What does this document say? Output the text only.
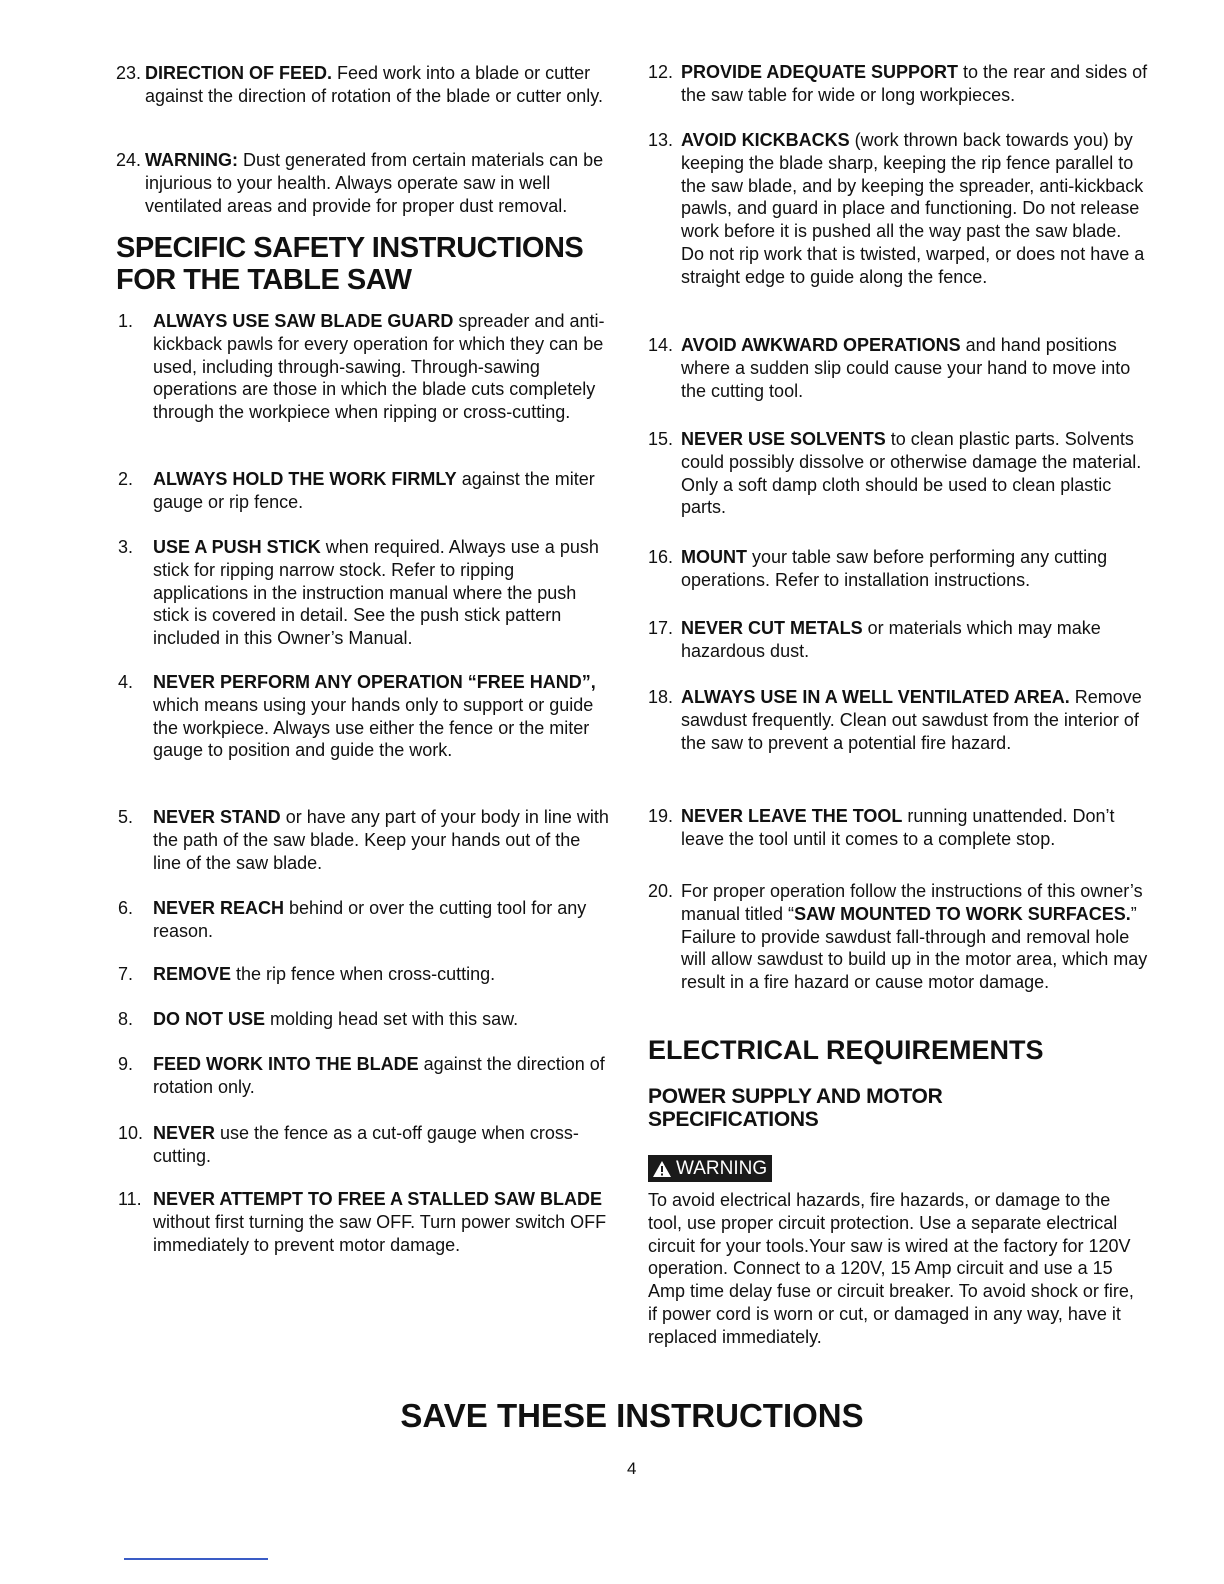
23. DIRECTION OF FEED. Feed work into a blade or cutter against the direction of rotation of the blade or cutter only.

24. WARNING: Dust generated from certain materials can be injurious to your health. Always operate saw in well ventilated areas and provide for proper dust removal.

SPECIFIC SAFETY INSTRUCTIONS
FOR THE TABLE SAW

1.	ALWAYS USE SAW BLADE GUARD spreader and anti-kickback pawls for every operation for which they can be used, including through-sawing. Through-sawing operations are those in which the blade cuts completely through the workpiece when ripping or cross-cutting.

2.	ALWAYS HOLD THE WORK FIRMLY against the miter gauge or rip fence.

3.	USE A PUSH STICK when required. Always use a push stick for ripping narrow stock. Refer to ripping applications in the instruction manual where the push stick is covered in detail. See the push stick pattern included in this Owner’s Manual.

4.	NEVER PERFORM ANY OPERATION “FREE HAND”, which means using your hands only to support or guide the workpiece. Always use either the fence or the miter gauge to position and guide the work.

5.	NEVER STAND or have any part of your body in line with the path of the saw blade. Keep your hands out of the line of the saw blade.

6.	NEVER REACH behind or over the cutting tool for any reason.

7.	REMOVE the rip fence when cross-cutting.

8.	DO NOT USE molding head set with this saw.

9.	FEED WORK INTO THE BLADE against the direction of rotation only.

10. NEVER use the fence as a cut-off gauge when cross-cutting.

11. NEVER ATTEMPT TO FREE A STALLED SAW BLADE without first turning the saw OFF. Turn power switch OFF immediately to prevent motor damage.

12. PROVIDE ADEQUATE SUPPORT to the rear and sides of the saw table for wide or long workpieces.

13. AVOID KICKBACKS (work thrown back towards you) by keeping the blade sharp, keeping the rip fence parallel to the saw blade, and by keeping the spreader, anti-kickback pawls, and guard in place and functioning. Do not release work before it is pushed all the way past the saw blade. Do not rip work that is twisted, warped, or does not have a straight edge to guide along the fence.

14. AVOID AWKWARD OPERATIONS and hand positions where a sudden slip could cause your hand to move into the cutting tool.

15. NEVER USE SOLVENTS to clean plastic parts. Solvents could possibly dissolve or otherwise damage the material. Only a soft damp cloth should be used to clean plastic parts.

16. MOUNT your table saw before performing any cutting operations. Refer to installation instructions.

17. NEVER CUT METALS or materials which may make hazardous dust.

18. ALWAYS USE IN A WELL VENTILATED AREA. Remove sawdust frequently. Clean out sawdust from the interior of the saw to prevent a potential fire hazard.

19. NEVER LEAVE THE TOOL running unattended. Don’t leave the tool until it comes to a complete stop.

20. For proper operation follow the instructions of this owner’s manual titled “SAW MOUNTED TO WORK SURFACES.” Failure to provide sawdust fall-through and removal hole will allow sawdust to build up in the motor area, which may result in a fire hazard or cause motor damage.

ELECTRICAL REQUIREMENTS
POWER SUPPLY AND MOTOR
SPECIFICATIONS
WARNING

To avoid electrical hazards, fire hazards, or damage to the tool, use proper circuit protection. Use a separate electrical circuit for your tools.Your saw is wired at the factory for 120V operation. Connect to a 120V, 15 Amp circuit and use a 15 Amp time delay fuse or circuit breaker. To avoid shock or fire, if power cord is worn or cut, or damaged in any way, have it replaced immediately.

SAVE THESE INSTRUCTIONS
4
